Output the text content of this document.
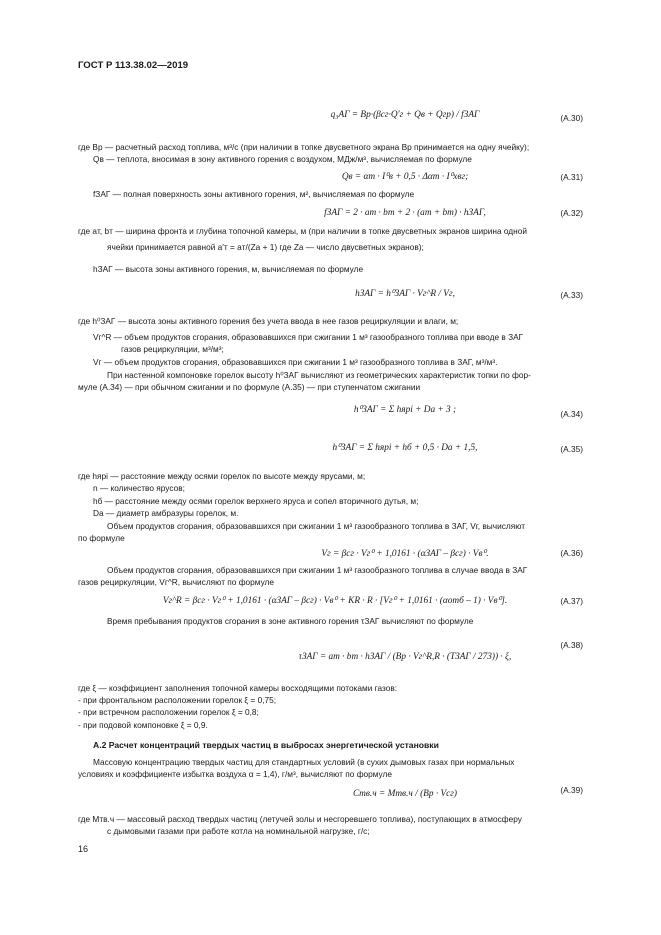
ГОСТ Р 113.38.02—2019
q₃АГ = Bр·(βсг·Q′г + Qв + Qгр) / fЗАГ	(А.30)
где Bр — расчетный расход топлива, м³/с (при наличии в топке двусветного экрана Bр принимается на одну ячейку);
Qв — теплота, вносимая в зону активного горения с воздухом, МДж/м³, вычисляемая по формуле
Qв = αт · I⁰в + 0,5 · Δαт · I⁰хвг;	(А.31)
fЗАГ — полная поверхность зоны активного горения, м², вычисляемая по формуле
fЗАГ = 2 · aт · bт + 2 · (aт + bт) · hЗАГ,	(А.32)
где aт, bт — ширина фронта и глубина топочной камеры, м (при наличии в топке двусветных экранов ширина одной
ячейки принимается равной a′т = aт/(Zа + 1) где Zа — число двусветных экранов);
hЗАГ — высота зоны активного горения, м, вычисляемая по формуле
hЗАГ = h⁰ЗАГ · Vг^R / Vг,	(А.33)
где h⁰ЗАГ — высота зоны активного горения без учета ввода в нее газов рециркуляции и влаги, м;
Vг^R — объем продуктов сгорания, образовавшихся при сжигании 1 м³ газообразного топлива при вводе в ЗАГ
газов рециркуляции, м³/м³;
Vг — объем продуктов сгорания, образовавшихся при сжигании 1 м³ газообразного топлива в ЗАГ, м³/м³.
При настенной компоновке горелок высоту h⁰ЗАГ вычисляют из геометрических характеристик топки по фор-
муле (А.34) — при обычном сжигании и по формуле (А.35) — при ступенчатом сжигании
h⁰ЗАГ = Σ hярi + Dа + 3 ;	(А.34)
h⁰ЗАГ = Σ hярi + hб + 0,5 · Dа + 1,5,	(А.35)
где hярi — расстояние между осями горелок по высоте между ярусами, м;
n — количество ярусов;
hб — расстояние между осями горелок верхнего яруса и сопел вторичного дутья, м;
Dа — диаметр амбразуры горелок, м.
Объем продуктов сгорания, образовавшихся при сжигании 1 м³ газообразного топлива в ЗАГ, Vг, вычисляют
по формуле
Vг = βсг · Vг⁰ + 1,0161 · (αЗАГ – βсг) · Vв⁰.	(А.36)
Объем продуктов сгорания, образовавшихся при сжигании 1 м³ газообразного топлива в случае ввода в ЗАГ
газов рециркуляции, Vг^R, вычисляют по формуле
Vг^R = βсг · Vг⁰ + 1,0161 · (αЗАГ – βсг) · Vв⁰ + KR · R · [Vг⁰ + 1,0161 · (αотб – 1) · Vв⁰].	(А.37)
Время пребывания продуктов сгорания в зоне активного горения τЗАГ вычисляют по формуле
τЗАГ = aт · bт · hЗАГ / (Bр · Vг^R,R · (TЗАГ / 273)) · ξ,
(А.38)
где ξ — коэффициент заполнения топочной камеры восходящими потоками газов:
- при фронтальном расположении горелок ξ = 0,75;
- при встречном расположении горелок ξ = 0,8;
- при подовой компоновке ξ = 0,9.
А.2 Расчет концентраций твердых частиц в выбросах энергетической установки
Массовую концентрацию твердых частиц для стандартных условий (в сухих дымовых газах при нормальных
условиях и коэффициенте избытка воздуха α = 1,4), г/м³, вычисляют по формуле
Cтв.ч = Mтв.ч / (Bр · Vсг)	(А.39)
где Mтв.ч — массовый расход твердых частиц (летучей золы и несгоревшего топлива), поступающих в атмосферу
с дымовыми газами при работе котла на номинальной нагрузке, г/с;
16
